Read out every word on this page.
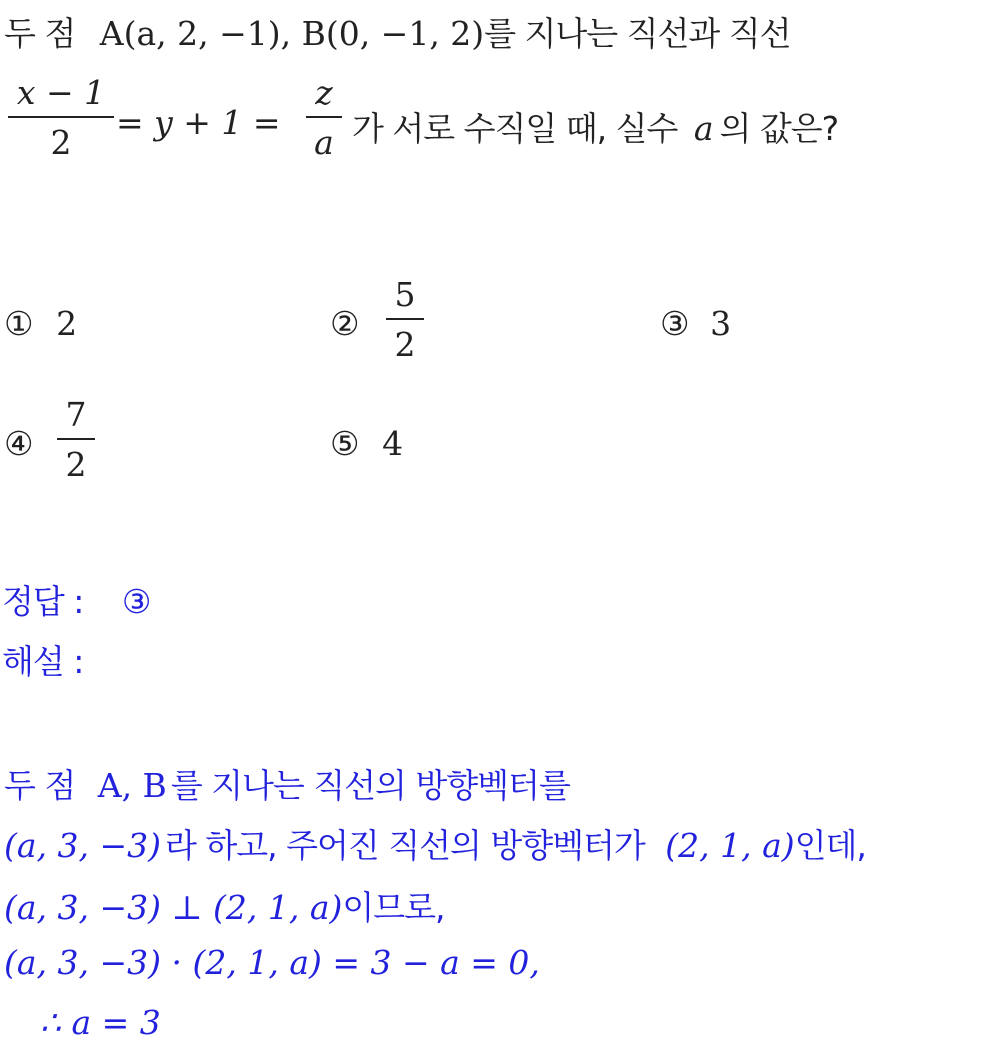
두 점 A(a, 2, −1), B(0, −1, 2)를 지나는 직선과 직선
x − 1
2
= y + 1 =
z
a 가 서로 수직일 때, 실수 a 의 값은?
① 2	②
5
2
③ 3
④
7
2
⑤ 4
정답 : ③
해설 :
두 점 A, B 를 지나는 직선의 방향벡터를
(a, 3, −3) 라 하고, 주어진 직선의 방향벡터가 (2, 1, a)인데,
(a, 3, −3) ⊥ (2, 1, a)이므로,
(a, 3, −3) · (2, 1, a) = 3 − a = 0,
∴ a = 3
